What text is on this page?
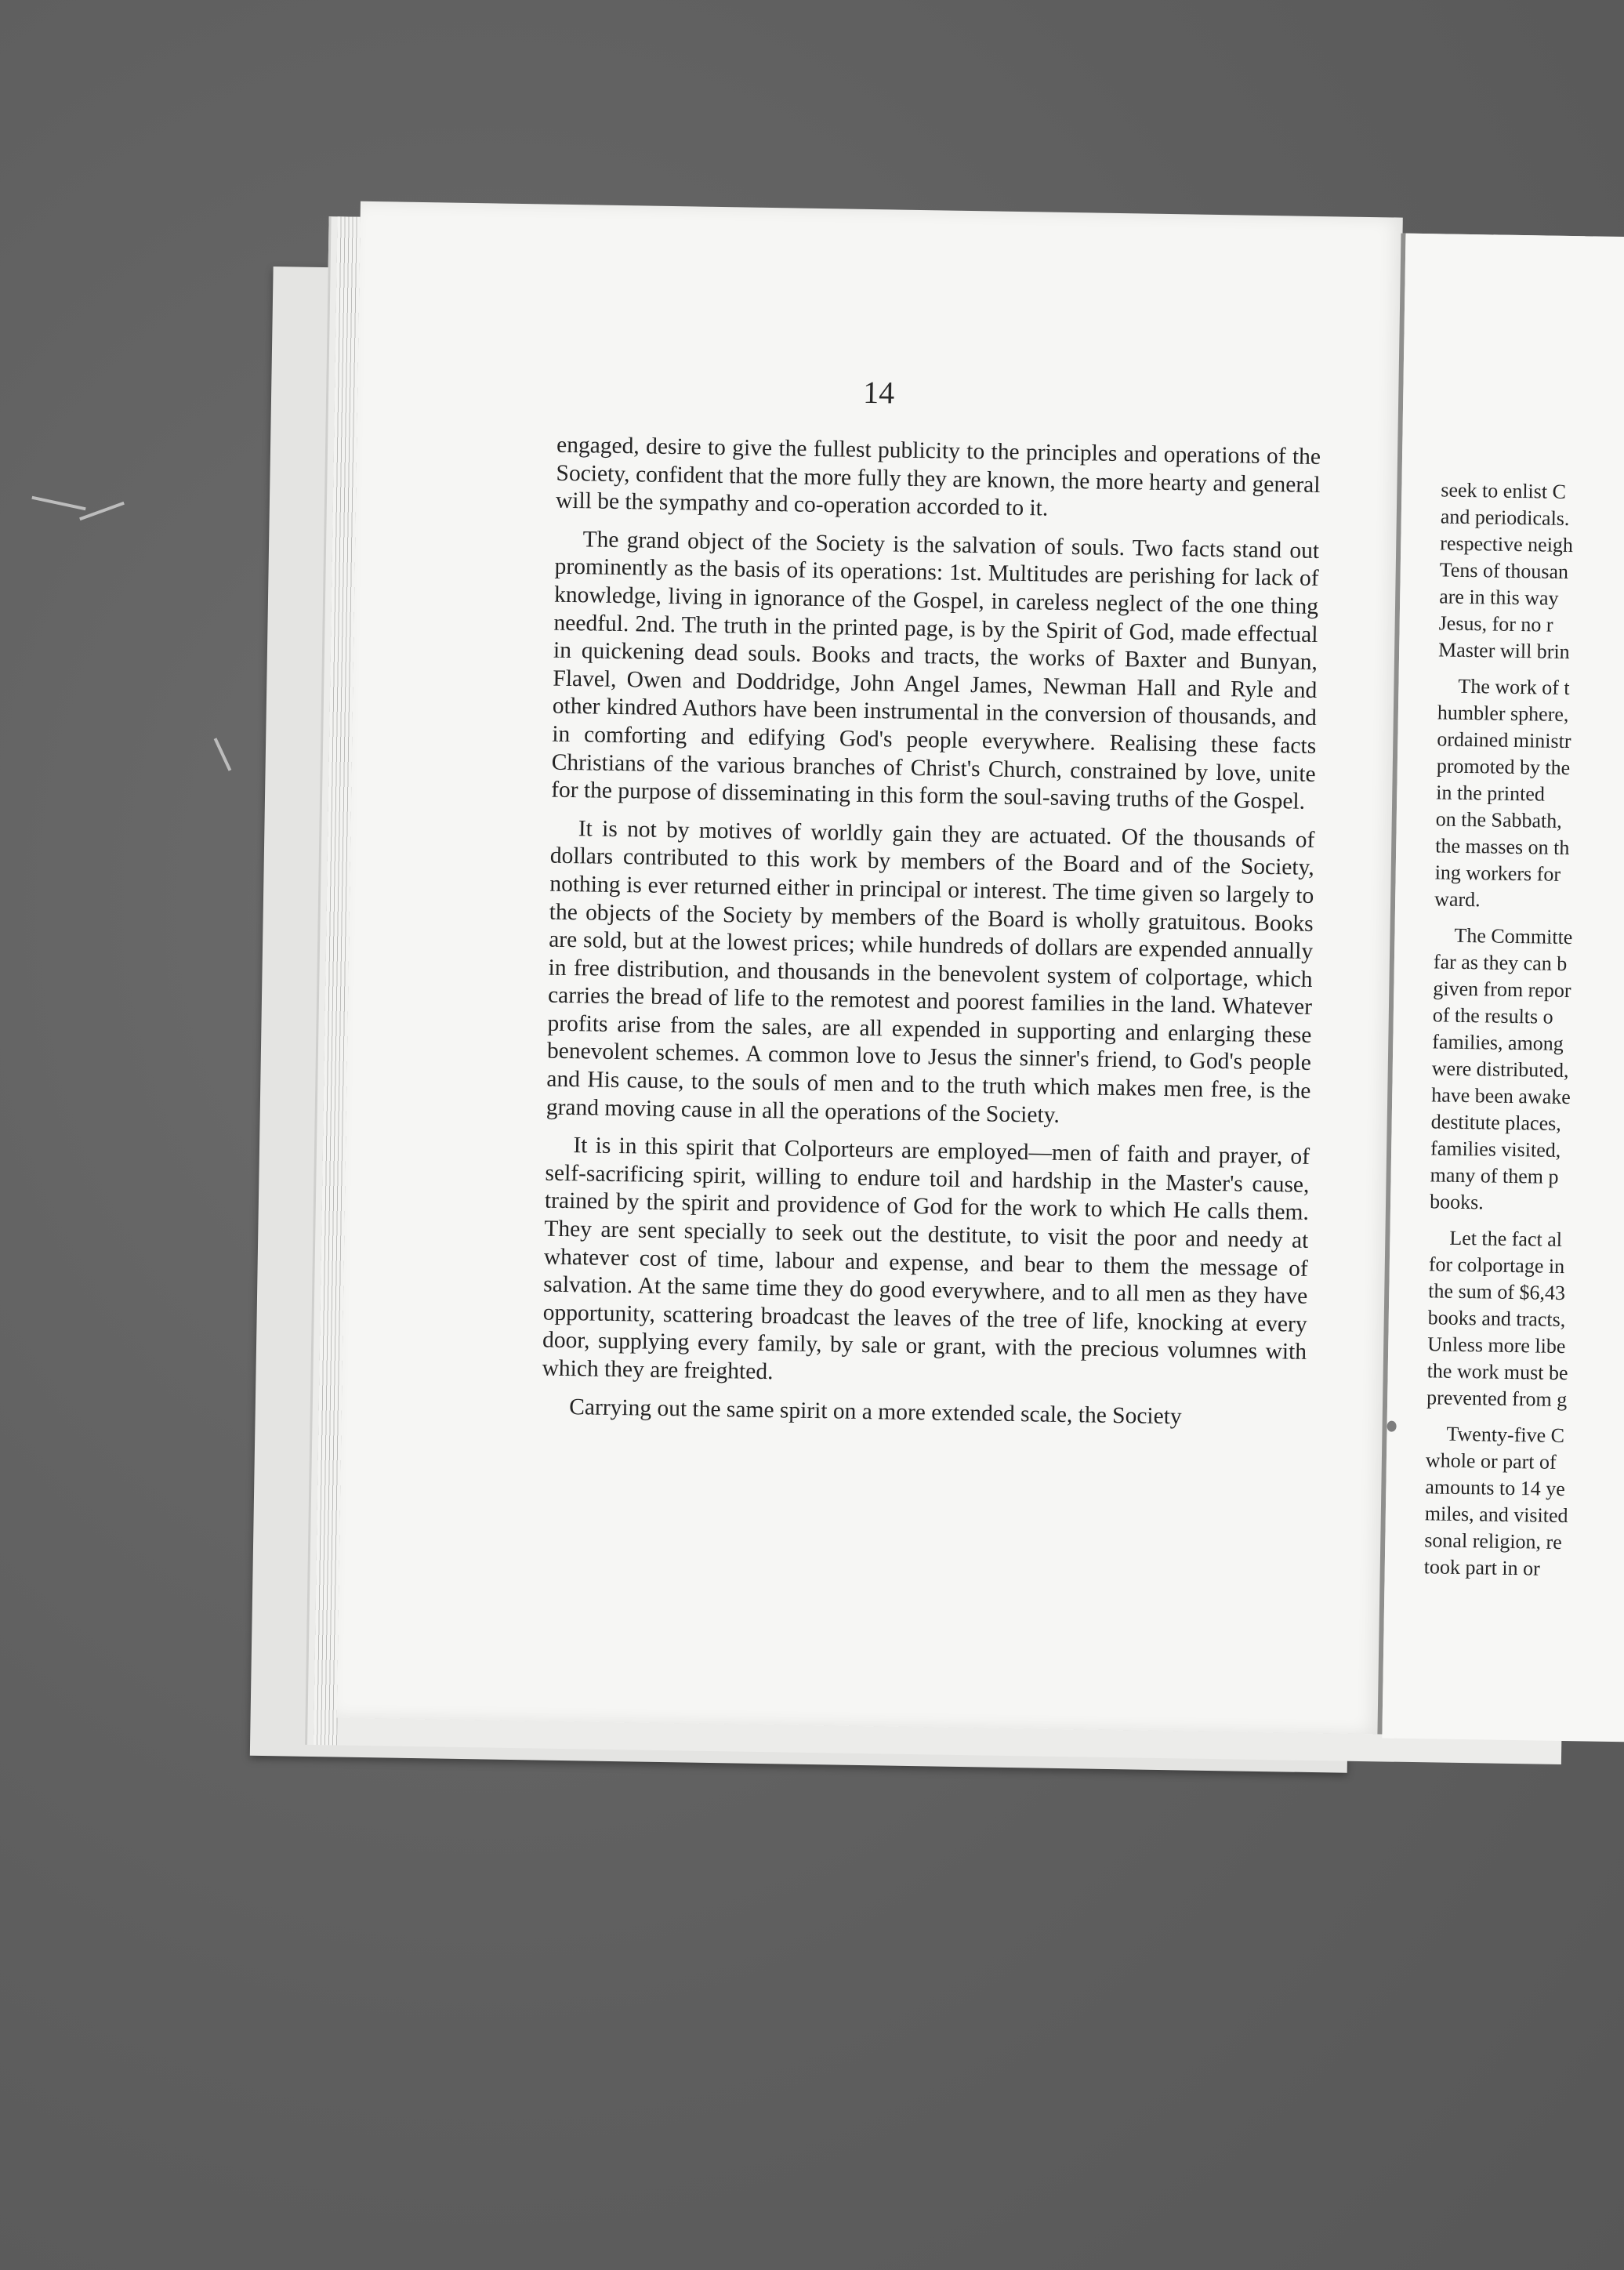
14

engaged, desire to give the fullest publicity to the principles and operations of the Society, confident that the more fully they are known, the more hearty and general will be the sympathy and co-operation accorded to it.

The grand object of the Society is the salvation of souls. Two facts stand out prominently as the basis of its operations: 1st. Multitudes are perishing for lack of knowledge, living in ignorance of the Gospel, in careless neglect of the one thing needful. 2nd. The truth in the printed page, is by the Spirit of God, made effectual in quickening dead souls. Books and tracts, the works of Baxter and Bunyan, Flavel, Owen and Doddridge, John Angel James, Newman Hall and Ryle and other kindred Authors have been instrumental in the conversion of thousands, and in comforting and edifying God's people everywhere. Realising these facts Christians of the various branches of Christ's Church, constrained by love, unite for the purpose of disseminating in this form the soul-saving truths of the Gospel.

It is not by motives of worldly gain they are actuated. Of the thousands of dollars contributed to this work by members of the Board and of the Society, nothing is ever returned either in principal or interest. The time given so largely to the objects of the Society by members of the Board is wholly gratuitous. Books are sold, but at the lowest prices; while hundreds of dollars are expended annually in free distribution, and thousands in the benevolent system of colportage, which carries the bread of life to the remotest and poorest families in the land. Whatever profits arise from the sales, are all expended in supporting and enlarging these benevolent schemes. A common love to Jesus the sinner's friend, to God's people and His cause, to the souls of men and to the truth which makes men free, is the grand moving cause in all the operations of the Society.

It is in this spirit that Colporteurs are employed—men of faith and prayer, of self-sacrificing spirit, willing to endure toil and hardship in the Master's cause, trained by the spirit and providence of God for the work to which He calls them. They are sent specially to seek out the destitute, to visit the poor and needy at whatever cost of time, labour and expense, and bear to them the message of salvation. At the same time they do good everywhere, and to all men as they have opportunity, scattering broadcast the leaves of the tree of life, knocking at every door, supplying every family, by sale or grant, with the precious volumnes with which they are freighted.

Carrying out the same spirit on a more extended scale, the Society

seek to enlist C
and periodicals.
respective neigh
Tens of thousan
are in this way
Jesus, for no r
Master will brin

The work of t
humbler sphere,
ordained ministr
promoted by the
in the printed
on the Sabbath,
the masses on th
ing workers for
ward.

The Committe
far as they can b
given from repor
of the results o
families, among
were distributed,
have been awake
destitute places,
families visited,
many of them p
books.

Let the fact al
for colportage in
the sum of $6,43
books and tracts,
Unless more libe
the work must be
prevented from g

Twenty-five C
whole or part of
amounts to 14 ye
miles, and visited
sonal religion, re
took part in or
